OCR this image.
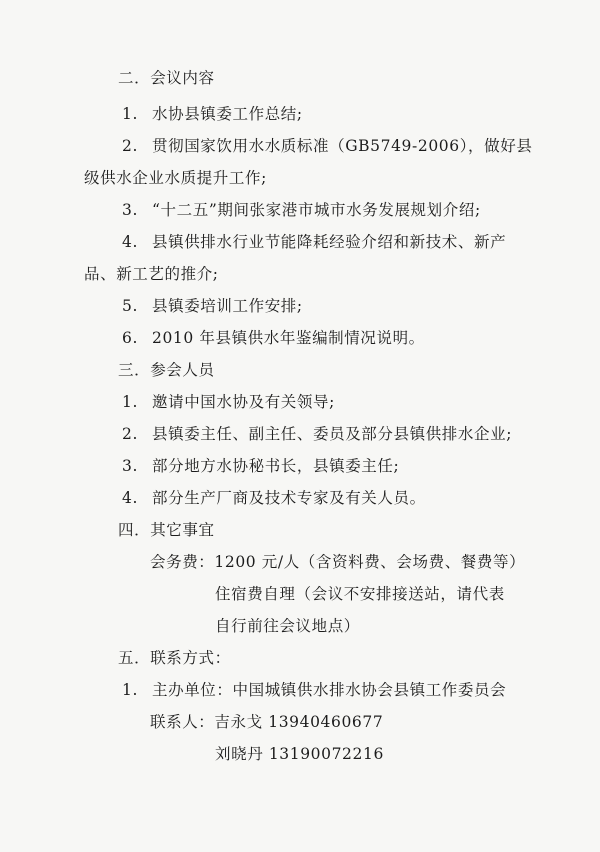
二．会议内容
1. 水协县镇委工作总结;
2. 贯彻国家饮用水水质标准（GB5749-2006），做好县
级供水企业水质提升工作;
3. “十二五”期间张家港市城市水务发展规划介绍;
4. 县镇供排水行业节能降耗经验介绍和新技术、新产
品、新工艺的推介;
5. 县镇委培训工作安排;
6. 2010 年县镇供水年鉴编制情况说明。
三．参会人员
1. 邀请中国水协及有关领导;
2. 县镇委主任、副主任、委员及部分县镇供排水企业;
3. 部分地方水协秘书长，县镇委主任;
4. 部分生产厂商及技术专家及有关人员。
四．其它事宜
会务费：1200 元/人（含资料费、会场费、餐费等）
住宿费自理（会议不安排接送站，请代表
自行前往会议地点）
五．联系方式：
1. 主办单位：中国城镇供水排水协会县镇工作委员会
联系人：吉永戈 13940460677
刘晓丹 13190072216
